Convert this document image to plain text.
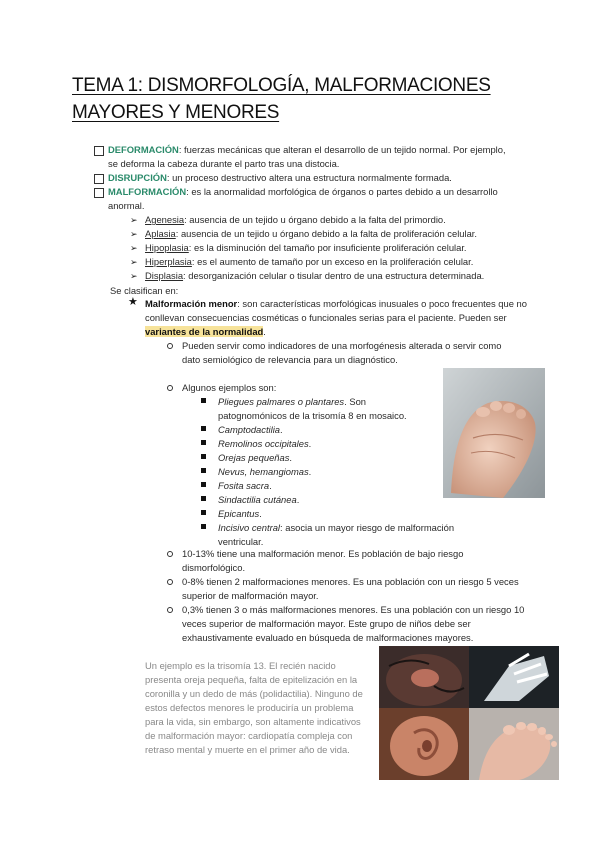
TEMA 1: DISMORFOLOGÍA, MALFORMACIONES MAYORES Y MENORES
DEFORMACIÓN: fuerzas mecánicas que alteran el desarrollo de un tejido normal. Por ejemplo, se deforma la cabeza durante el parto tras una distocia.
DISRUPCIÓN: un proceso destructivo altera una estructura normalmente formada.
MALFORMACIÓN: es la anormalidad morfológica de órganos o partes debido a un desarrollo anormal.
➢ Agenesia: ausencia de un tejido u órgano debido a la falta del primordio.
➢ Aplasia: ausencia de un tejido u órgano debido a la falta de proliferación celular.
➢ Hipoplasia: es la disminución del tamaño por insuficiente proliferación celular.
➢ Hiperplasia: es el aumento de tamaño por un exceso en la proliferación celular.
➢ Displasia: desorganización celular o tisular dentro de una estructura determinada.
Se clasifican en:
★ Malformación menor: son características morfológicas inusuales o poco frecuentes que no conllevan consecuencias cosméticas o funcionales serias para el paciente. Pueden ser variantes de la normalidad.
Pueden servir como indicadores de una morfogénesis alterada o servir como dato semiológico de relevancia para un diagnóstico.
Algunos ejemplos son:
Pliegues palmares o plantares. Son patognomónicos de la trisomía 8 en mosaico.
Camptodactilia.
Remolinos occipitales.
Orejas pequeñas.
Nevus, hemangiomas.
Fosita sacra.
Sindactilia cutánea.
Epicantus.
Incisivo central: asocia un mayor riesgo de malformación ventricular.
10-13% tiene una malformación menor. Es población de bajo riesgo dismorfológico.
0-8% tienen 2 malformaciones menores. Es una población con un riesgo 5 veces superior de malformación mayor.
0,3% tienen 3 o más malformaciones menores. Es una población con un riesgo 10 veces superior de malformación mayor. Este grupo de niños debe ser exhaustivamente evaluado en búsqueda de malformaciones mayores.
Un ejemplo es la trisomía 13. El recién nacido presenta oreja pequeña, falta de epitelización en la coronilla y un dedo de más (polidactilia). Ninguno de estos defectos menores le produciría un problema para la vida, sin embargo, son altamente indicativos de malformación mayor: cardiopatía compleja con retraso mental y muerte en el primer año de vida.
